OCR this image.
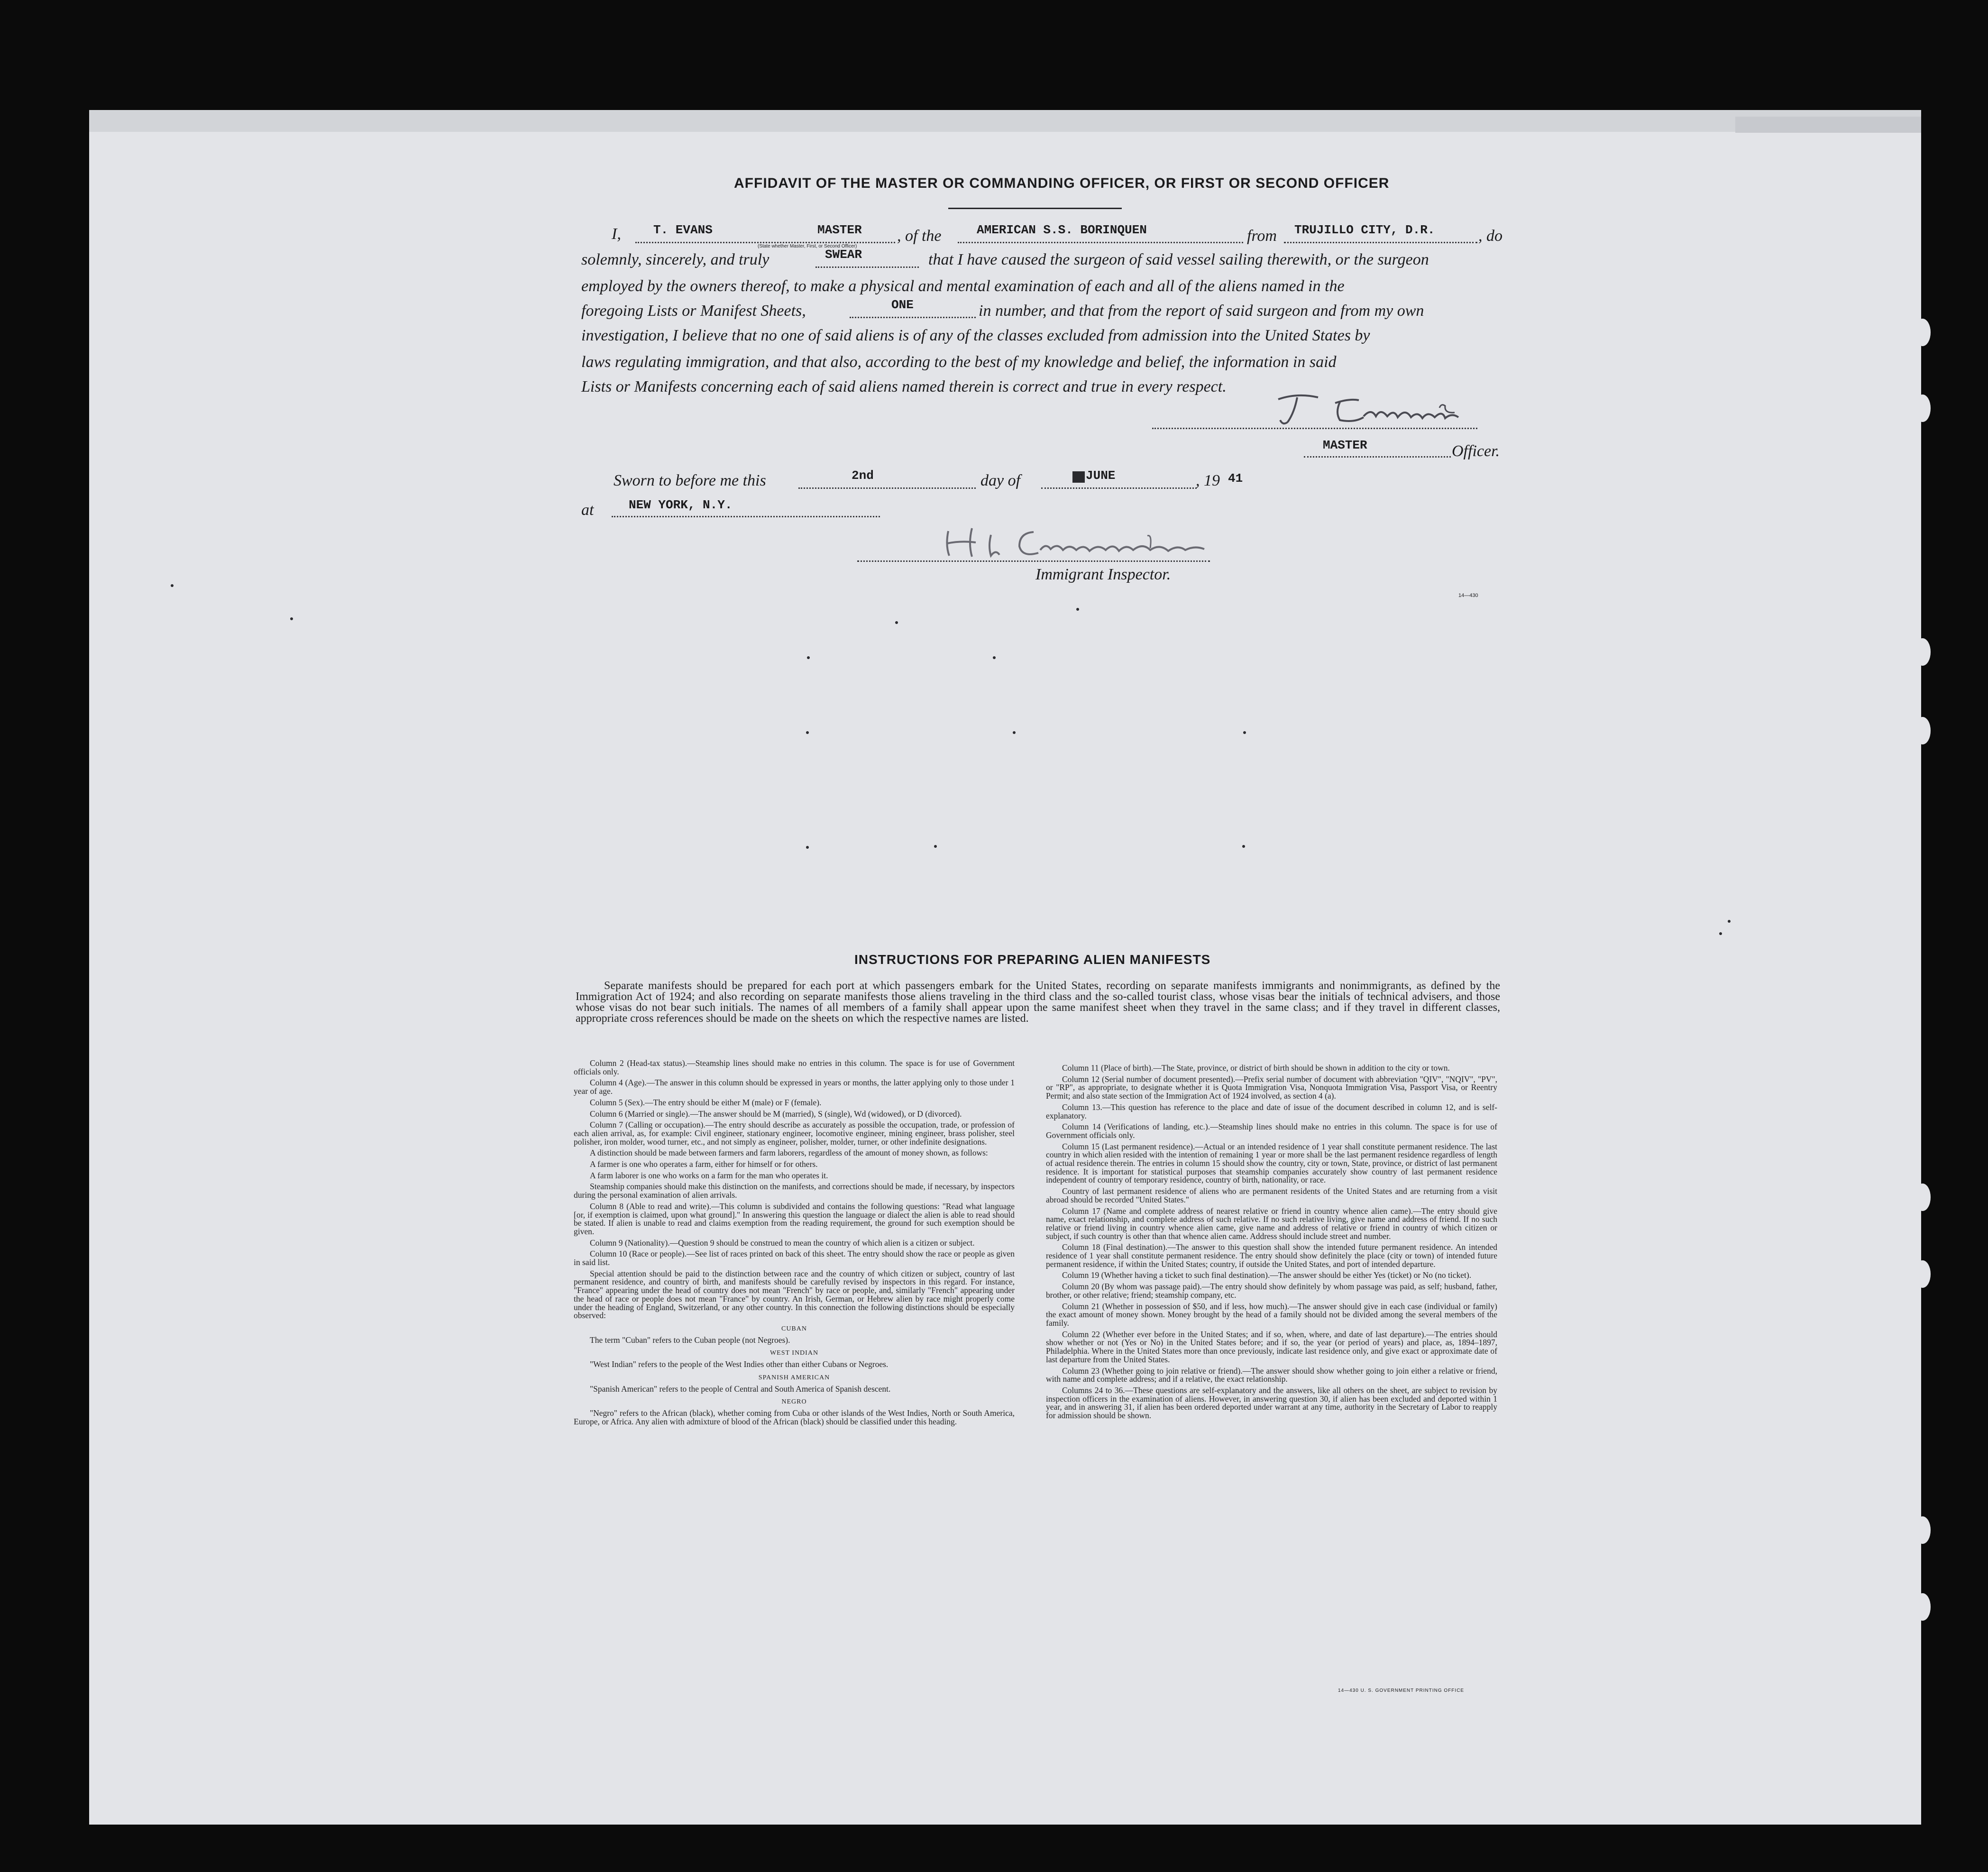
AFFIDAVIT OF THE MASTER OR COMMANDING OFFICER, OR FIRST OR SECOND OFFICER
I,	T. EVANS	MASTER , of the	AMERICAN S.S. BORINQUEN	from TRUJILLO CITY, D.R.	, do
(State whether Master, First, or Second Officer)
solemnly, sincerely, and truly	SWEAR	that I have caused the surgeon of said vessel sailing therewith, or the surgeon
employed by the owners thereof, to make a physical and mental examination of each and all of the aliens named in the
foregoing Lists or Manifest Sheets,	ONE	in number, and that from the report of said surgeon and from my own
investigation, I believe that no one of said aliens is of any of the classes excluded from admission into the United States by
laws regulating immigration, and that also, according to the best of my knowledge and belief, the information in said
Lists or Manifests concerning each of said aliens named therein is correct and true in every respect.
MASTER	Officer.
Sworn to before me this	2nd	day of	JUNE	, 19 41
at	NEW YORK, N.Y.
Immigrant Inspector.
14—430
INSTRUCTIONS FOR PREPARING ALIEN MANIFESTS
Separate manifests should be prepared for each port at which passengers embark for the United States, recording on separate manifests immigrants and nonimmigrants, as defined by the Immigration Act of 1924; and also recording on separate manifests those aliens traveling in the third class and the so-called tourist class, whose visas bear the initials of technical advisers, and those whose visas do not bear such initials. The names of all members of a family shall appear upon the same manifest sheet when they travel in the same class; and if they travel in different classes, appropriate cross references should be made on the sheets on which the respective names are listed.

Column 2 (Head-tax status).—Steamship lines should make no entries in this column. The space is for use of Government officials only.

Column 4 (Age).—The answer in this column should be expressed in years or months, the latter applying only to those under 1 year of age.

Column 5 (Sex).—The entry should be either M (male) or F (female).

Column 6 (Married or single).—The answer should be M (married), S (single), Wd (widowed), or D (divorced).

Column 7 (Calling or occupation).—The entry should describe as accurately as possible the occupation, trade, or profession of each alien arrival, as, for example: Civil engineer, stationary engineer, locomotive engineer, mining engineer, brass polisher, steel polisher, iron molder, wood turner, etc., and not simply as engineer, polisher, molder, turner, or other indefinite designations.

A distinction should be made between farmers and farm laborers, regardless of the amount of money shown, as follows:

A farmer is one who operates a farm, either for himself or for others.

A farm laborer is one who works on a farm for the man who operates it.

Steamship companies should make this distinction on the manifests, and corrections should be made, if necessary, by inspectors during the personal examination of alien arrivals.

Column 8 (Able to read and write).—This column is subdivided and contains the following questions: "Read what language [or, if exemption is claimed, upon what ground]." In answering this question the language or dialect the alien is able to read should be stated. If alien is unable to read and claims exemption from the reading requirement, the ground for such exemption should be given.

Column 9 (Nationality).—Question 9 should be construed to mean the country of which alien is a citizen or subject.

Column 10 (Race or people).—See list of races printed on back of this sheet. The entry should show the race or people as given in said list.

Special attention should be paid to the distinction between race and the country of which citizen or subject, country of last permanent residence, and country of birth, and manifests should be carefully revised by inspectors in this regard. For instance, "France" appearing under the head of country does not mean "French" by race or people, and, similarly "French" appearing under the head of race or people does not mean "France" by country. An Irish, German, or Hebrew alien by race might properly come under the heading of England, Switzerland, or any other country. In this connection the following distinctions should be especially observed:

CUBAN

The term "Cuban" refers to the Cuban people (not Negroes).

WEST INDIAN

"West Indian" refers to the people of the West Indies other than either Cubans or Negroes.

SPANISH AMERICAN

"Spanish American" refers to the people of Central and South America of Spanish descent.

NEGRO

"Negro" refers to the African (black), whether coming from Cuba or other islands of the West Indies, North or South America, Europe, or Africa. Any alien with admixture of blood of the African (black) should be classified under this heading.

Column 11 (Place of birth).—The State, province, or district of birth should be shown in addition to the city or town.

Column 12 (Serial number of document presented).—Prefix serial number of document with abbreviation "QIV", "NQIV", "PV", or "RP", as appropriate, to designate whether it is Quota Immigration Visa, Nonquota Immigration Visa, Passport Visa, or Reentry Permit; and also state section of the Immigration Act of 1924 involved, as section 4 (a).

Column 13.—This question has reference to the place and date of issue of the document described in column 12, and is self-explanatory.

Column 14 (Verifications of landing, etc.).—Steamship lines should make no entries in this column. The space is for use of Government officials only.

Column 15 (Last permanent residence).—Actual or an intended residence of 1 year shall constitute permanent residence. The last country in which alien resided with the intention of remaining 1 year or more shall be the last permanent residence regardless of length of actual residence therein. The entries in column 15 should show the country, city or town, State, province, or district of last permanent residence. It is important for statistical purposes that steamship companies accurately show country of last permanent residence independent of country of temporary residence, country of birth, nationality, or race.

Country of last permanent residence of aliens who are permanent residents of the United States and are returning from a visit abroad should be recorded "United States."

Column 17 (Name and complete address of nearest relative or friend in country whence alien came).—The entry should give name, exact relationship, and complete address of such relative. If no such relative living, give name and address of friend. If no such relative or friend living in country whence alien came, give name and address of relative or friend in country of which citizen or subject, if such country is other than that whence alien came. Address should include street and number.

Column 18 (Final destination).—The answer to this question shall show the intended future permanent residence. An intended residence of 1 year shall constitute permanent residence. The entry should show definitely the place (city or town) of intended future permanent residence, if within the United States; country, if outside the United States, and port of intended departure.

Column 19 (Whether having a ticket to such final destination).—The answer should be either Yes (ticket) or No (no ticket).

Column 20 (By whom was passage paid).—The entry should show definitely by whom passage was paid, as self; husband, father, brother, or other relative; friend; steamship company, etc.

Column 21 (Whether in possession of $50, and if less, how much).—The answer should give in each case (individual or family) the exact amount of money shown. Money brought by the head of a family should not be divided among the several members of the family.

Column 22 (Whether ever before in the United States; and if so, when, where, and date of last departure).—The entries should show whether or not (Yes or No) in the United States before; and if so, the year (or period of years) and place, as, 1894–1897, Philadelphia. Where in the United States more than once previously, indicate last residence only, and give exact or approximate date of last departure from the United States.

Column 23 (Whether going to join relative or friend).—The answer should show whether going to join either a relative or friend, with name and complete address; and if a relative, the exact relationship.

Columns 24 to 36.—These questions are self-explanatory and the answers, like all others on the sheet, are subject to revision by inspection officers in the examination of aliens. However, in answering question 30, if alien has been excluded and deported within 1 year, and in answering 31, if alien has been ordered deported under warrant at any time, authority in the Secretary of Labor to reapply for admission should be shown.

14—430 U. S. GOVERNMENT PRINTING OFFICE
